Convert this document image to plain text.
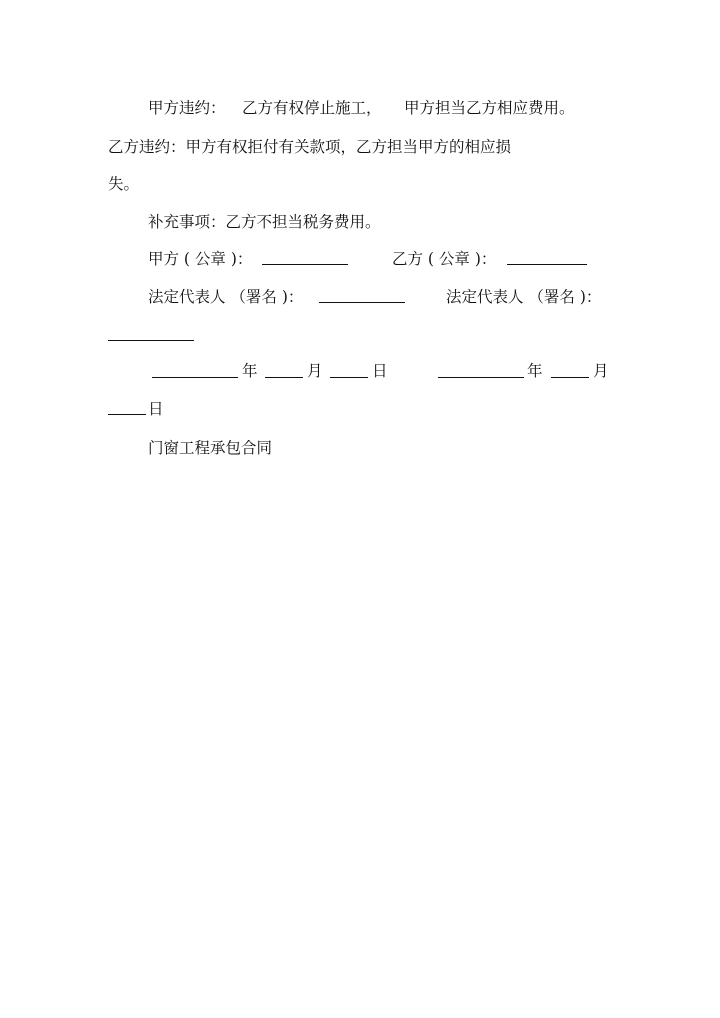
甲方违约： 乙方有权停止施工， 甲方担当乙方相应费用。
乙方违约：甲方有权拒付有关款项，乙方担当甲方的相应损
失。
补充事项：乙方不担当税务费用。
甲方 ( 公章 )：	乙方 ( 公章 )：
法定代表人 （署名 )：	法定代表人 （署名 )：
年	月	日	年	月
日
门窗工程承包合同
